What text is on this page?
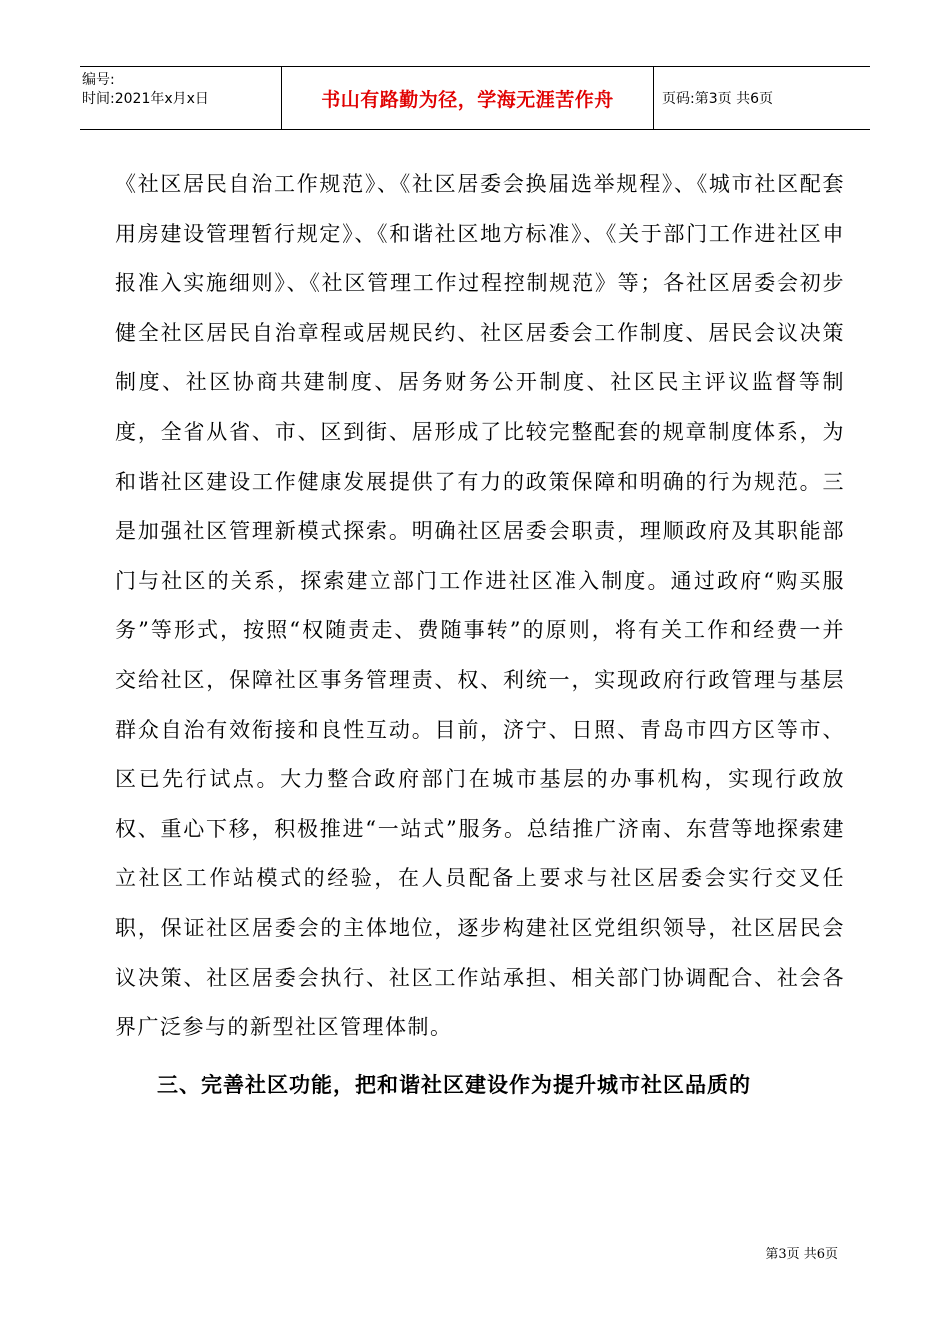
编号:
时间:2021年x月x日	书山有路勤为径，学海无涯苦作舟	页码:第3页 共6页

《社区居民自治工作规范》、《社区居委会换届选举规程》、《城市社区配套用房建设管理暂行规定》、《和谐社区地方标准》、《关于部门工作进社区申报准入实施细则》、《社区管理工作过程控制规范》等；各社区居委会初步健全社区居民自治章程或居规民约、社区居委会工作制度、居民会议决策制度、社区协商共建制度、居务财务公开制度、社区民主评议监督等制度，全省从省、市、区到街、居形成了比较完整配套的规章制度体系，为和谐社区建设工作健康发展提供了有力的政策保障和明确的行为规范。三是加强社区管理新模式探索。明确社区居委会职责，理顺政府及其职能部门与社区的关系，探索建立部门工作进社区准入制度。通过政府“购买服务”等形式，按照“权随责走、费随事转”的原则，将有关工作和经费一并交给社区，保障社区事务管理责、权、利统一，实现政府行政管理与基层群众自治有效衔接和良性互动。目前，济宁、日照、青岛市四方区等市、区已先行试点。大力整合政府部门在城市基层的办事机构，实现行政放权、重心下移，积极推进“一站式”服务。总结推广济南、东营等地探索建立社区工作站模式的经验，在人员配备上要求与社区居委会实行交叉任职，保证社区居委会的主体地位，逐步构建社区党组织领导，社区居民会议决策、社区居委会执行、社区工作站承担、相关部门协调配合、社会各界广泛参与的新型社区管理体制。

三、完善社区功能，把和谐社区建设作为提升城市社区品质的

第3页 共6页
